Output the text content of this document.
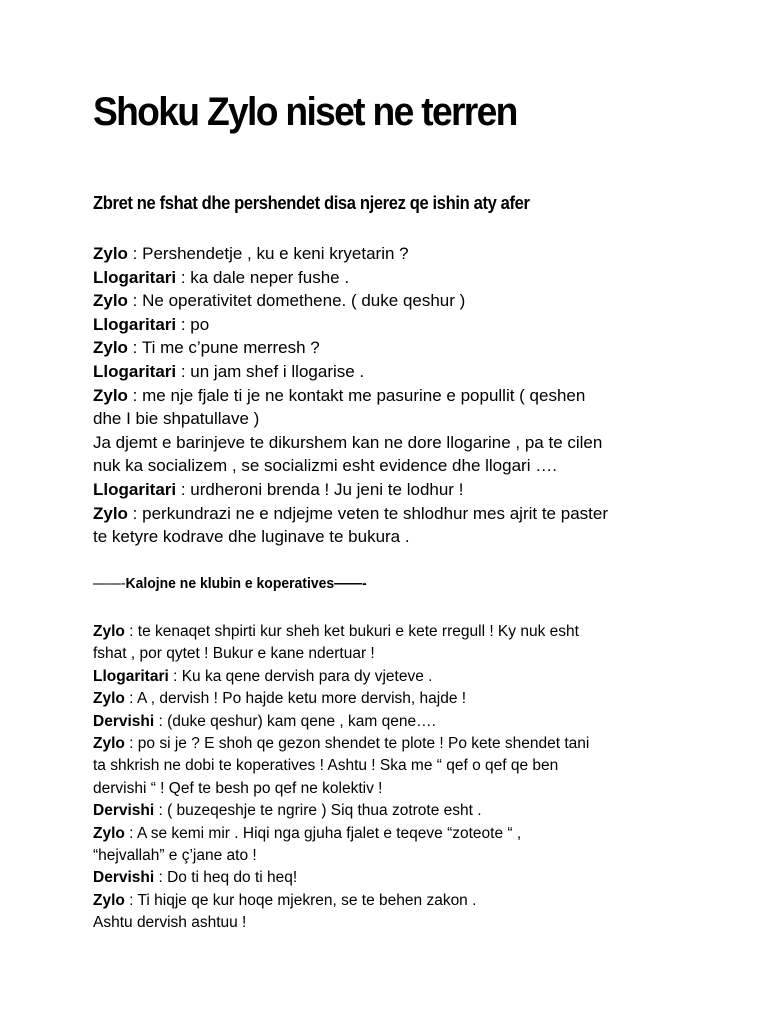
Shoku Zylo niset ne terren
Zbret ne fshat dhe pershendet disa njerez qe ishin aty afer
Zylo : Pershendetje , ku e keni kryetarin ?
Llogaritari : ka dale neper fushe .
Zylo : Ne operativitet domethene. ( duke qeshur )
Llogaritari : po
Zylo : Ti me c’pune merresh ?
Llogaritari : un jam shef i llogarise .
Zylo : me nje fjale ti je ne kontakt me pasurine e popullit ( qeshen
dhe I bie shpatullave )
Ja djemt e barinjeve te dikurshem kan ne dore llogarine , pa te cilen
nuk ka socializem , se socializmi esht evidence dhe llogari ….
Llogaritari : urdheroni brenda ! Ju jeni te lodhur !
Zylo : perkundrazi ne e ndjejme veten te shlodhur mes ajrit te paster
te ketyre kodrave dhe luginave te bukura .
——-Kalojne ne klubin e koperatives——-
Zylo : te kenaqet shpirti kur sheh ket bukuri e kete rregull ! Ky nuk esht
fshat , por qytet ! Bukur e kane ndertuar !
Llogaritari : Ku ka qene dervish para dy vjeteve .
Zylo : A , dervish ! Po hajde ketu more dervish, hajde !
Dervishi : (duke qeshur) kam qene , kam qene….
Zylo : po si je ? E shoh qe gezon shendet te plote ! Po kete shendet tani
ta shkrish ne dobi te koperatives ! Ashtu ! Ska me “ qef o qef qe ben
dervishi “ ! Qef te besh po qef ne kolektiv !
Dervishi : ( buzeqeshje te ngrire ) Siq thua zotrote esht .
Zylo : A se kemi mir . Hiqi nga gjuha fjalet e teqeve “zoteote “ ,
“hejvallah” e ç’jane ato !
Dervishi : Do ti heq do ti heq!
Zylo : Ti hiqje qe kur hoqe mjekren, se te behen zakon .
Ashtu dervish ashtuu !
